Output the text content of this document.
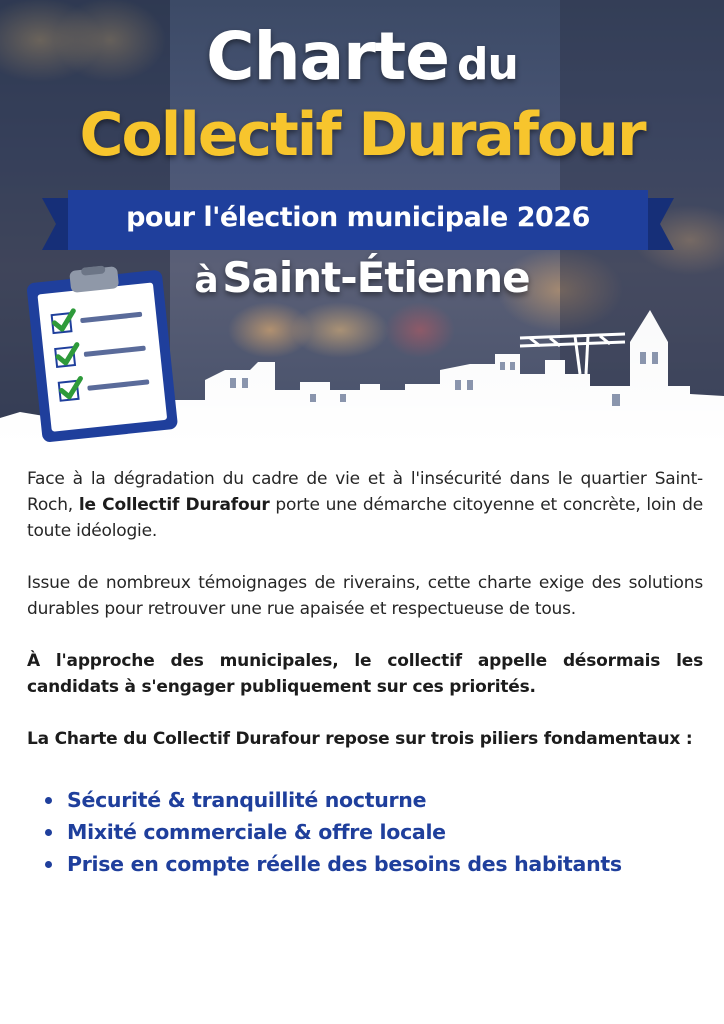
Charte du
Collectif Durafour
pour l'élection municipale 2026
à Saint-Étienne

Face à la dégradation du cadre de vie et à l'insécurité dans le quartier Saint-Roch, le Collectif Durafour porte une démarche citoyenne et concrète, loin de toute idéologie.

Issue de nombreux témoignages de riverains, cette charte exige des solutions durables pour retrouver une rue apaisée et respectueuse de tous.

À l'approche des municipales, le collectif appelle désormais les candidats à s'engager publiquement sur ces priorités.

La Charte du Collectif Durafour repose sur trois piliers fondamentaux :

Sécurité & tranquillité nocturne
Mixité commerciale & offre locale
Prise en compte réelle des besoins des habitants
